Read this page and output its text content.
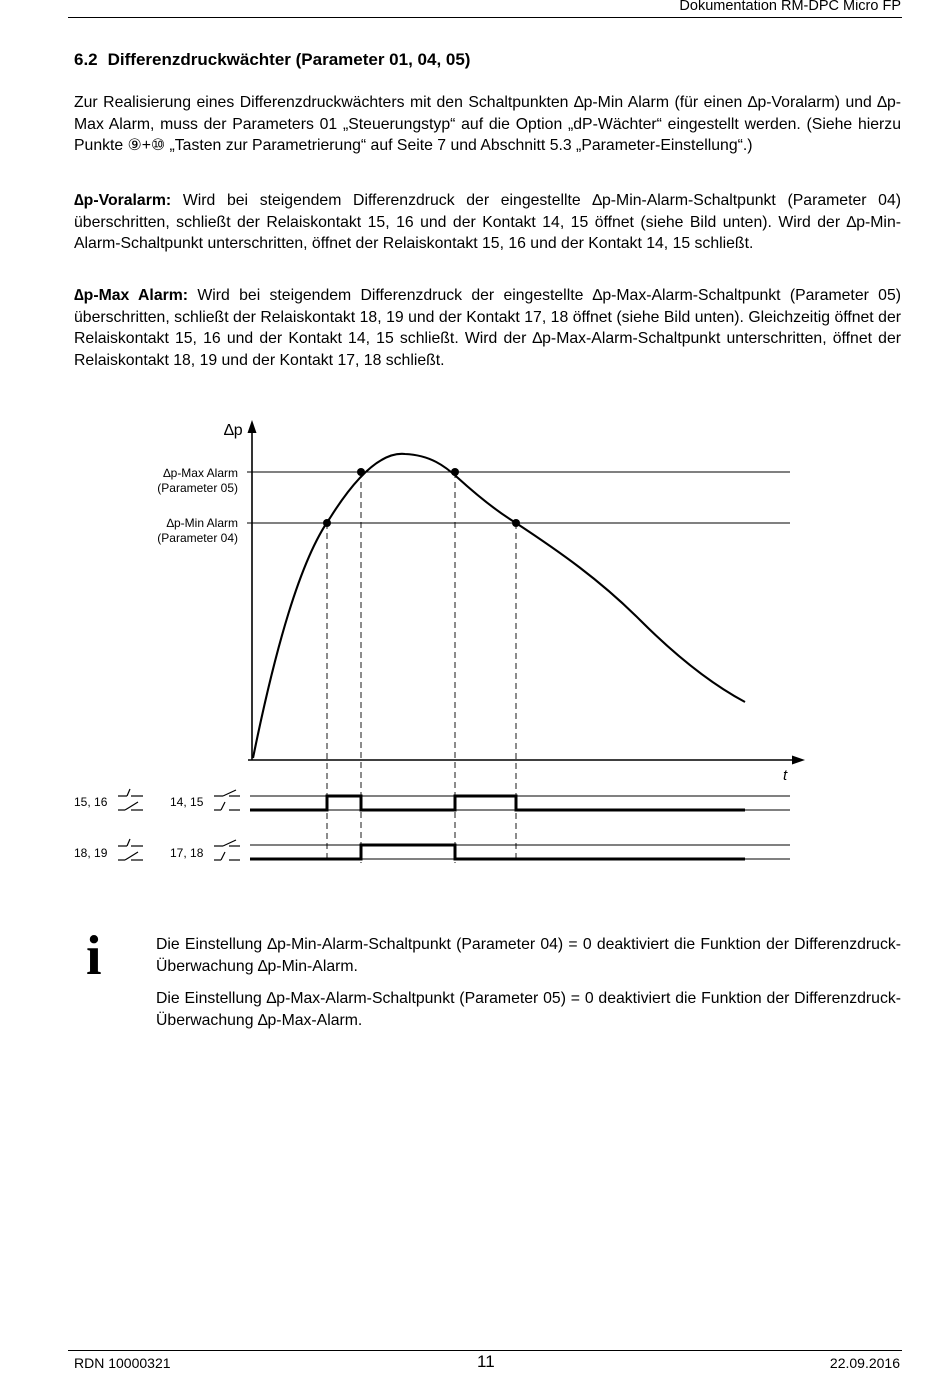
Dokumentation RM-DPC Micro FP
6.2 Differenzdruckwächter (Parameter 01, 04, 05)

Zur Realisierung eines Differenzdruckwächters mit den Schaltpunkten ∆p-Min Alarm (für einen ∆p-Voralarm) und ∆p-Max Alarm, muss der Parameters 01 „Steuerungstyp“ auf die Option „dP-Wächter“ eingestellt werden. (Siehe hierzu Punkte ⑨+⑩ „Tasten zur Parametrierung“ auf Seite 7 und Abschnitt 5.3 „Parameter-Einstellung“.)

∆p-Voralarm: Wird bei steigendem Differenzdruck der eingestellte ∆p-Min-Alarm-Schaltpunkt (Parameter 04) überschritten, schließt der Relaiskontakt 15, 16 und der Kontakt 14, 15 öffnet (siehe Bild unten). Wird der ∆p-Min-Alarm-Schaltpunkt unterschritten, öffnet der Relaiskontakt 15, 16 und der Kontakt 14, 15 schließt.

∆p-Max Alarm: Wird bei steigendem Differenzdruck der eingestellte ∆p-Max-Alarm-Schaltpunkt (Parameter 05) überschritten, schließt der Relaiskontakt 18, 19 und der Kontakt 17, 18 öffnet (siehe Bild unten). Gleichzeitig öffnet der Relaiskontakt 15, 16 und der Kontakt 14, 15 schließt. Wird der ∆p-Max-Alarm-Schaltpunkt unterschritten, öffnet der Relaiskontakt 18, 19 und der Kontakt 17, 18 schließt.

∆p
t
∆p-Max Alarm
(Parameter 05)
∆p-Min Alarm
(Parameter 04)
15, 16	14, 15
18, 19	17, 18
i	Die Einstellung ∆p-Min-Alarm-Schaltpunkt (Parameter 04) = 0 deaktiviert die Funktion der Differenzdruck-Überwachung ∆p-Min-Alarm.

Die Einstellung ∆p-Max-Alarm-Schaltpunkt (Parameter 05) = 0 deaktiviert die Funktion der Differenzdruck-Überwachung ∆p-Max-Alarm.

RDN 10000321	11	22.09.2016
